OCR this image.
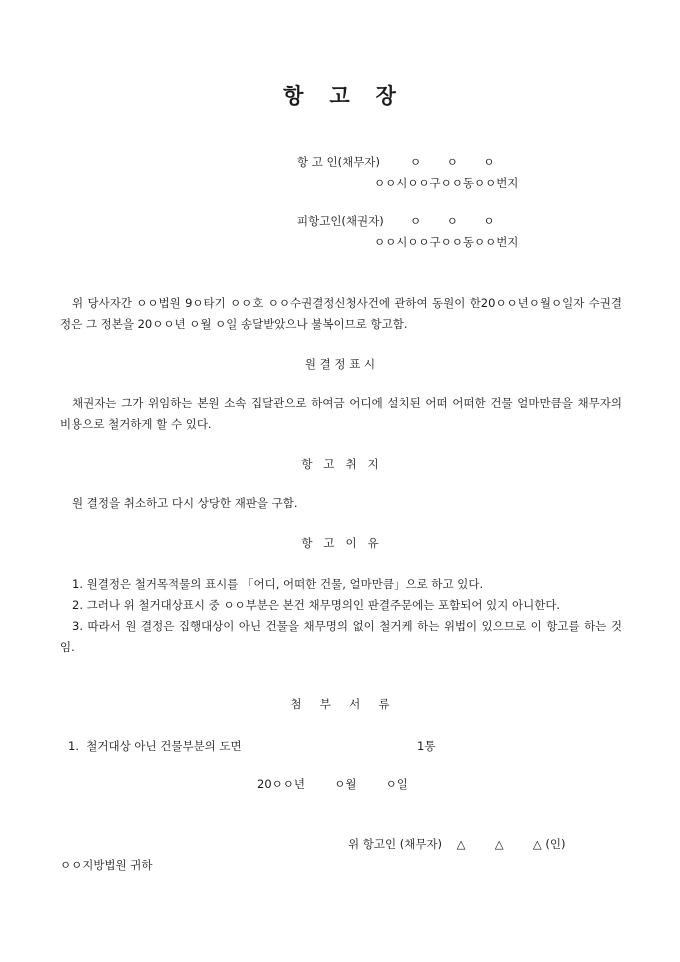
항   고   장
항 고 인(채무자)	ㅇ       ㅇ       ㅇ
ㅇㅇ시ㅇㅇ구ㅇㅇ동ㅇㅇ번지
피항고인(채권자) ㅇ       ㅇ       ㅇ
ㅇㅇ시ㅇㅇ구ㅇㅇ동ㅇㅇ번지
위 당사자간 ㅇㅇ법원 9ㅇ타기 ㅇㅇ호 ㅇㅇ수권결정신청사건에 관하여 동원이 한20ㅇㅇ년ㅇ월ㅇ일자 수권결정은 그 정본을 20ㅇㅇ년 ㅇ월 ㅇ일 송달받았으나 불복이므로 항고함.
원 결 정 표 시
채권자는 그가 위임하는 본원 소속 집달관으로 하여금 어디에 설치된 어떠 어떠한 건물 얼마만큼을 채무자의 비용으로 철거하게 할 수 있다.
항   고   취   지
원 결정을 취소하고 다시 상당한 재판을 구함.
항   고   이   유
1. 원결정은 철거목적물의 표시를 「어디, 어떠한 건물, 얼마만큼」으로 하고 있다.
2. 그러나 위 철거대상표시 중 ㅇㅇ부분은 본건 채무명의인 판결주문에는 포함되어 있지 아니한다.
3. 따라서 원 결정은 집행대상이 아닌 건물을 채무명의 없이 철거케 하는 위법이 있으므로 이 항고를 하는 것임.
첨     부     서     류
1.  철거대상 아닌 건물부분의 도면	1통
20ㅇㅇ년        ㅇ월        ㅇ일
위 항고인 (채무자)    △        △        △ (인)
ㅇㅇ지방법원 귀하
